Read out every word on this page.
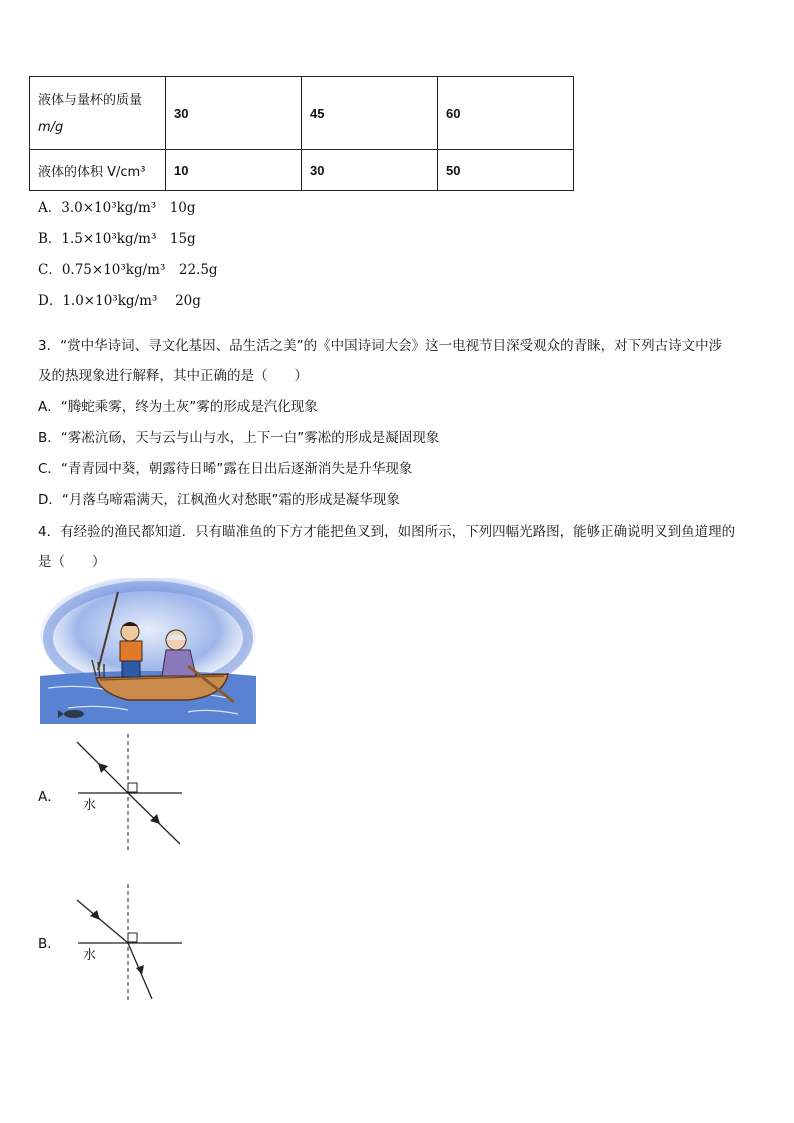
液体与量杯的质量
m/g	30	45	60
液体的体积 V/cm³	10	30	50
A．3.0×10³kg/m³　10g
B．1.5×10³kg/m³　15g
C．0.75×10³kg/m³　22.5g
D．1.0×10³kg/m³　 20g
3．“赏中华诗词、寻文化基因、品生活之美”的《中国诗词大会》这一电视节目深受观众的青睐，对下列古诗文中涉
及的热现象进行解释，其中正确的是（　　）
A．“腾蛇乘雾，终为土灰”雾的形成是汽化现象
B．“雾凇沆砀，天与云与山与水，上下一白”雾凇的形成是凝固现象
C．“青青园中葵，朝露待日晞”露在日出后逐渐消失是升华现象
D．“月落乌啼霜满天，江枫渔火对愁眠”霜的形成是凝华现象
4．有经验的渔民都知道．只有瞄准鱼的下方才能把鱼叉到，如图所示，下列四幅光路图，能够正确说明叉到鱼道理的
是（　　）
A．
水
B．
水
